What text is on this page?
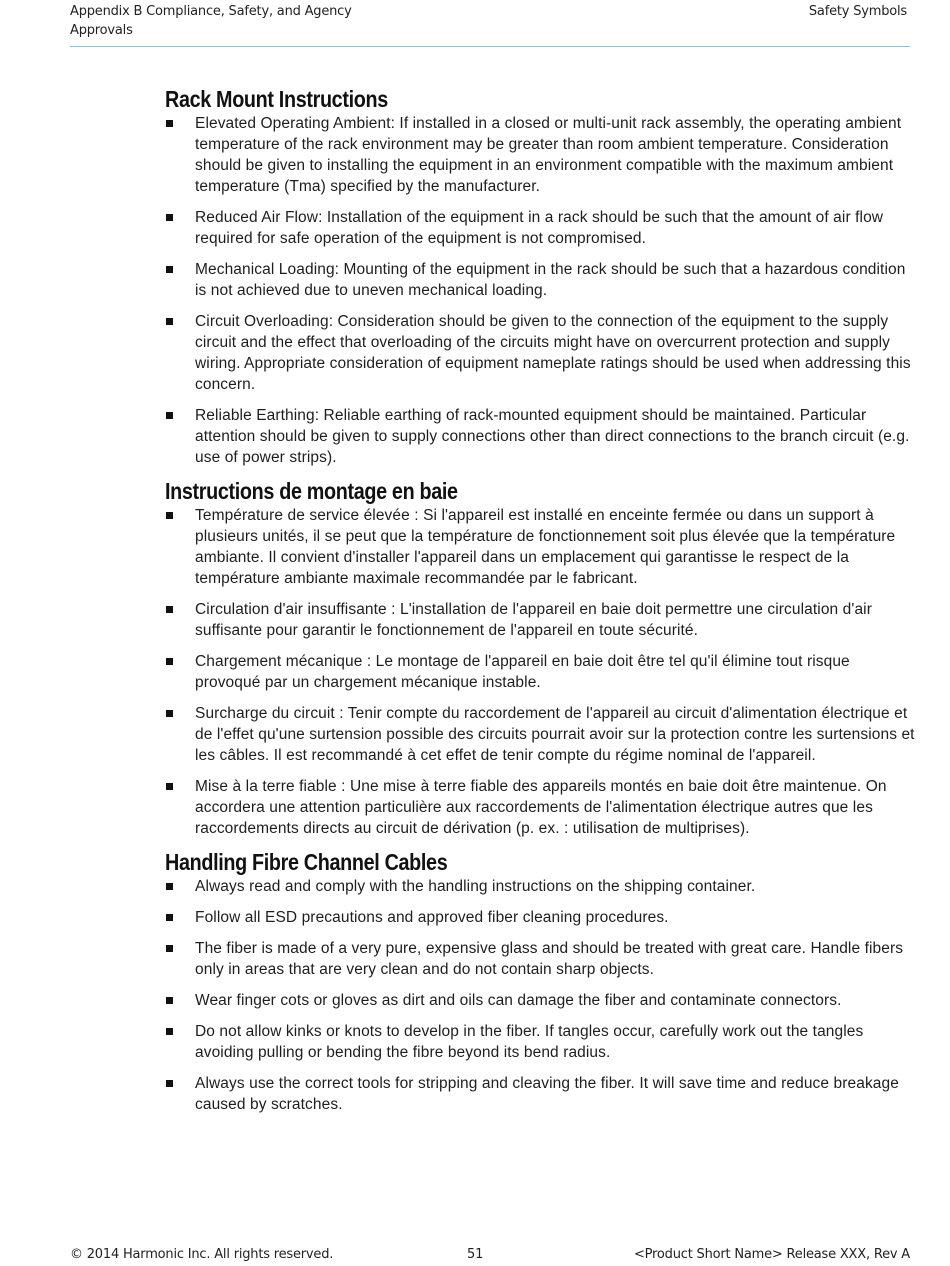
Appendix B Compliance, Safety, and Agency Approvals
Safety Symbols
Rack Mount Instructions
Elevated Operating Ambient: If installed in a closed or multi-unit rack assembly, the operating ambient temperature of the rack environment may be greater than room ambient temperature. Consideration should be given to installing the equipment in an environment compatible with the maximum ambient temperature (Tma) specified by the manufacturer.
Reduced Air Flow: Installation of the equipment in a rack should be such that the amount of air flow required for safe operation of the equipment is not compromised.
Mechanical Loading: Mounting of the equipment in the rack should be such that a hazardous condition is not achieved due to uneven mechanical loading.
Circuit Overloading: Consideration should be given to the connection of the equipment to the supply circuit and the effect that overloading of the circuits might have on overcurrent protection and supply wiring. Appropriate consideration of equipment nameplate ratings should be used when addressing this concern.
Reliable Earthing: Reliable earthing of rack-mounted equipment should be maintained. Particular attention should be given to supply connections other than direct connections to the branch circuit (e.g. use of power strips).
Instructions de montage en baie
Température de service élevée : Si l'appareil est installé en enceinte fermée ou dans un support à plusieurs unités, il se peut que la température de fonctionnement soit plus élevée que la température ambiante. Il convient d'installer l'appareil dans un emplacement qui garantisse le respect de la température ambiante maximale recommandée par le fabricant.
Circulation d'air insuffisante : L'installation de l'appareil en baie doit permettre une circulation d'air suffisante pour garantir le fonctionnement de l'appareil en toute sécurité.
Chargement mécanique : Le montage de l'appareil en baie doit être tel qu'il élimine tout risque provoqué par un chargement mécanique instable.
Surcharge du circuit : Tenir compte du raccordement de l'appareil au circuit d'alimentation électrique et de l'effet qu'une surtension possible des circuits pourrait avoir sur la protection contre les surtensions et les câbles. Il est recommandé à cet effet de tenir compte du régime nominal de l'appareil.
Mise à la terre fiable : Une mise à terre fiable des appareils montés en baie doit être maintenue. On accordera une attention particulière aux raccordements de l'alimentation électrique autres que les raccordements directs au circuit de dérivation (p. ex. : utilisation de multiprises).
Handling Fibre Channel Cables
Always read and comply with the handling instructions on the shipping container.
Follow all ESD precautions and approved fiber cleaning procedures.
The fiber is made of a very pure, expensive glass and should be treated with great care. Handle fibers only in areas that are very clean and do not contain sharp objects.
Wear finger cots or gloves as dirt and oils can damage the fiber and contaminate connectors.
Do not allow kinks or knots to develop in the fiber. If tangles occur, carefully work out the tangles avoiding pulling or bending the fibre beyond its bend radius.
Always use the correct tools for stripping and cleaving the fiber. It will save time and reduce breakage caused by scratches.
© 2014 Harmonic Inc. All rights reserved.	51	<Product Short Name> Release XXX, Rev A
